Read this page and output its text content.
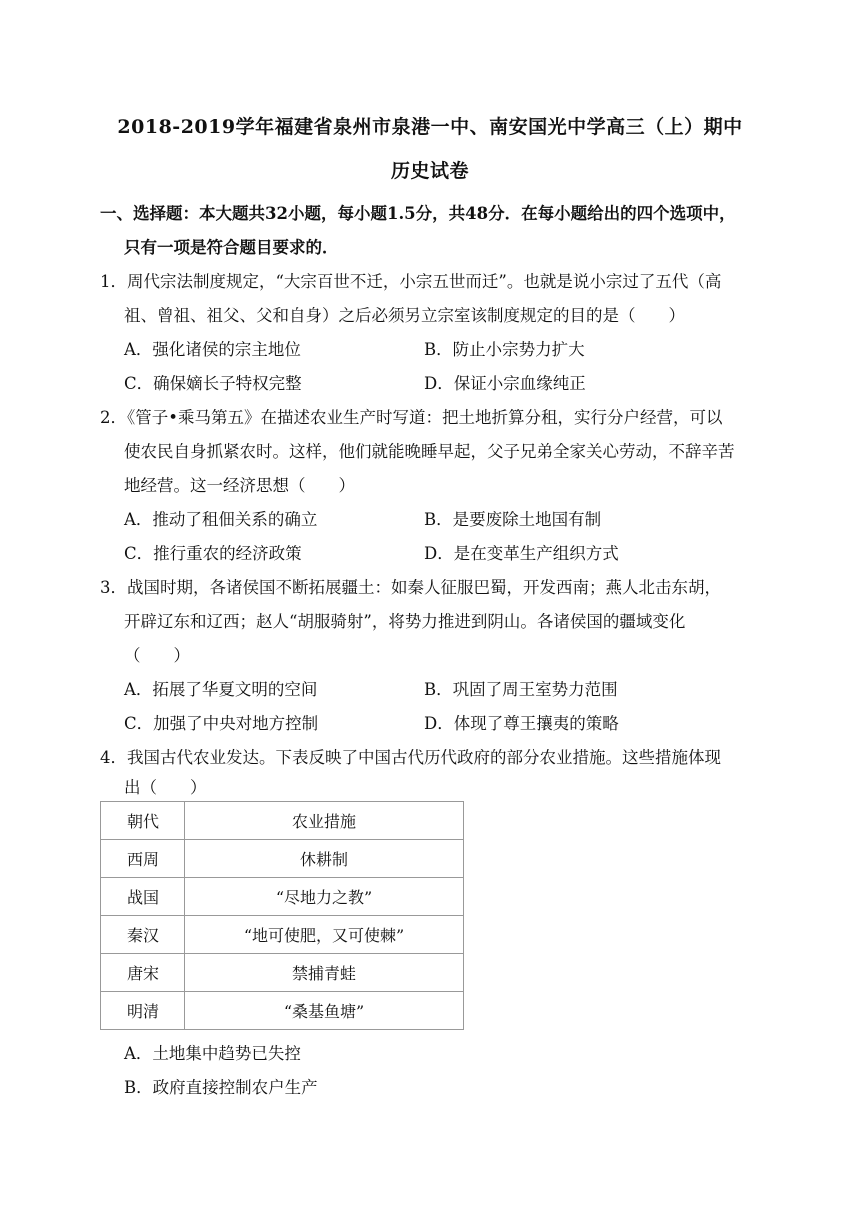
2018-2019学年福建省泉州市泉港一中、南安国光中学高三（上）期中
历史试卷
一、选择题：本大题共32小题，每小题1.5分，共48分．在每小题给出的四个选项中，
只有一项是符合题目要求的．
1．周代宗法制度规定，“大宗百世不迁，小宗五世而迁”。也就是说小宗过了五代（高
祖、曾祖、祖父、父和自身）之后必须另立宗室该制度规定的目的是（　　）
A．强化诸侯的宗主地位	B．防止小宗势力扩大
C．确保嫡长子特权完整	D．保证小宗血缘纯正
2．《管子•乘马第五》在描述农业生产时写道：把土地折算分租，实行分户经营，可以
使农民自身抓紧农时。这样，他们就能晚睡早起，父子兄弟全家关心劳动，不辞辛苦
地经营。这一经济思想（　　）
A．推动了租佃关系的确立	B．是要废除土地国有制
C．推行重农的经济政策	D．是在变革生产组织方式
3．战国时期，各诸侯国不断拓展疆土：如秦人征服巴蜀，开发西南；燕人北击东胡，
开辟辽东和辽西；赵人“胡服骑射”，将势力推进到阴山。各诸侯国的疆域变化
（　　）
A．拓展了华夏文明的空间	B．巩固了周王室势力范围
C．加强了中央对地方控制	D．体现了尊王攘夷的策略
4．我国古代农业发达。下表反映了中国古代历代政府的部分农业措施。这些措施体现
出（　　）
朝代	农业措施
西周	休耕制
战国	“尽地力之教”
秦汉	“地可使肥，又可使棘”
唐宋	禁捕青蛙
明清	“桑基鱼塘”
A．土地集中趋势已失控
B．政府直接控制农户生产
